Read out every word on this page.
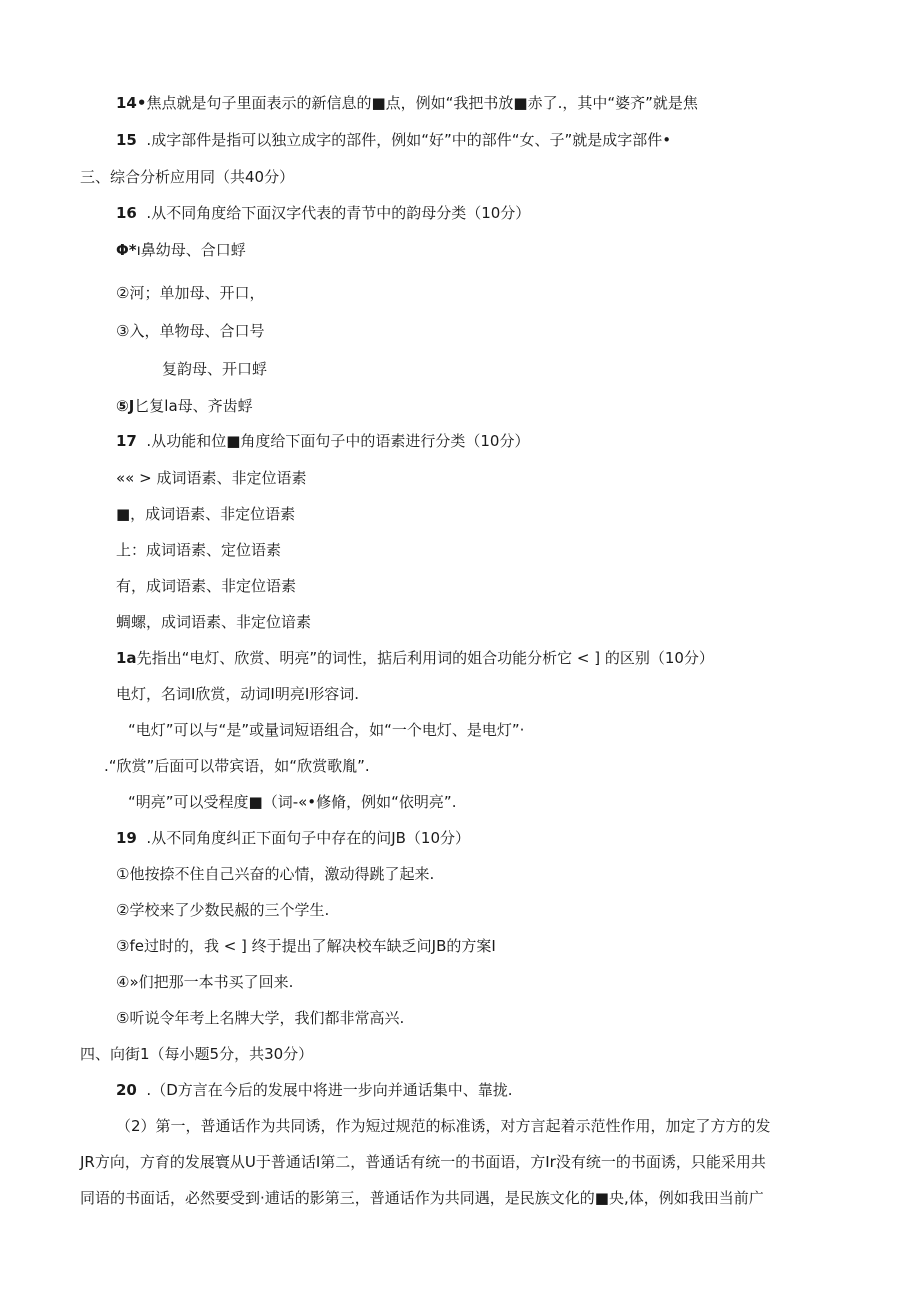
14•焦点就是句子里面表示的新信息的■点，例如“我把书放■赤了.，其中“婆齐”就是焦
15 .成字部件是指可以独立成字的部件，例如“好”中的部件“女、子”就是成字部件•
三、综合分析应用同（共40分）
16 .从不同角度给下面汉字代表的青节中的韵母分类（10分）
Φ*ı鼻幼母、合口蜉
②河；单加母、开口，
③入，单物母、合口号
复韵母、开口蜉
⑤J匕复la母、齐齿蜉
17 .从功能和位■角度给下面句子中的语素进行分类（10分）
«« > 成词语素、非定位语素
■，成词语素、非定位语素
上：成词语素、定位语素
有，成词语素、非定位语素
蜩螺，成词语素、非定位谙素
1a先指出“电灯、欣赏、明亮”的词性，掂后利用词的姐合功能分析它 < ] 的区别（10分）
电灯，名词I欣赏，动词I明亮I形容词.
“电灯”可以与“是”或量词短语组合，如“一个电灯、是电灯”·
.“欣赏”后面可以带宾语，如“欣赏歌胤”.
“明亮”可以受程度■（词-«•修脩，例如“依明亮”.
19 .从不同角度纠正下面句子中存在的问JB（10分）
①他按捺不住自己兴奋的心情，激动得跳了起来.
②学校来了少数民赧的三个学生.
③fe过时的，我 < ] 终于提出了解决校车缺乏问JB的方案I
④»们把那一本书买了回来.
⑤听说令年考上名牌大学，我们都非常高兴.
四、向街1（每小题5分，共30分）
20 .（D方言在今后的发展中将进一步向并通话集中、靠拢.
（2）第一，普通话作为共同诱，作为短过规范的标准诱，对方言起着示范性作用，加定了方方的发
JR方向，方育的发展寰从U于普通话I第二，普通话有统一的书面语，方Ir没有统一的书面诱，只能采用共
同语的书面话，必然要受到·逋话的影第三，普通话作为共同遇，是民族文化的■央,体，例如我田当前广
